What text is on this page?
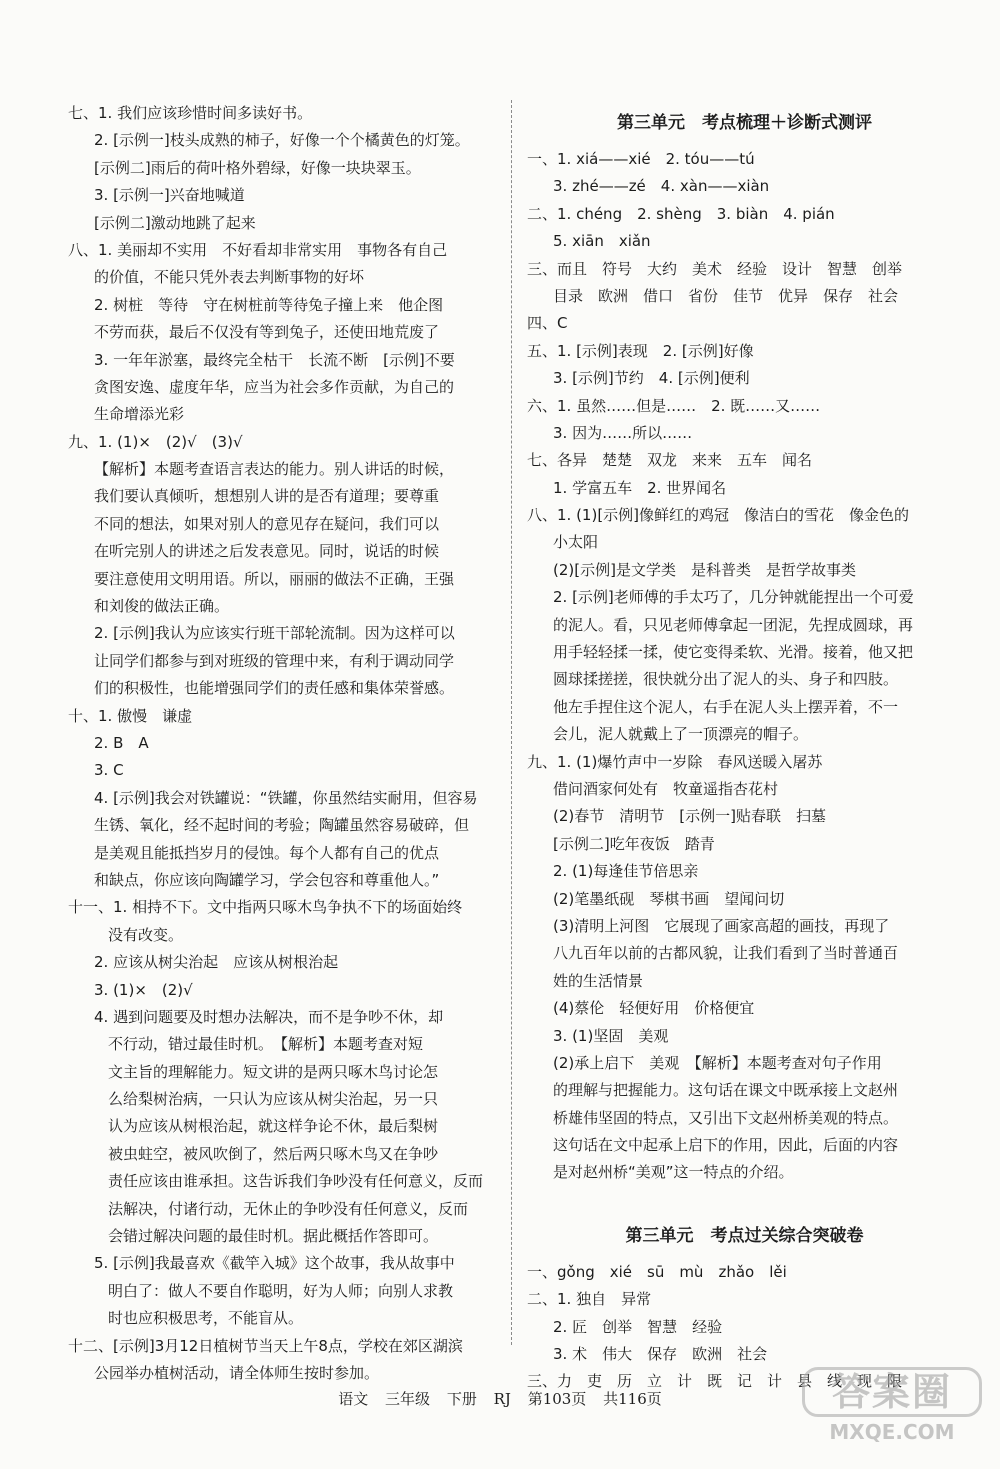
七、1. 我们应该珍惜时间多读好书。
2. [示例一]枝头成熟的柿子，好像一个个橘黄色的灯笼。
[示例二]雨后的荷叶格外碧绿，好像一块块翠玉。
3. [示例一]兴奋地喊道
[示例二]激动地跳了起来
八、1. 美丽却不实用　不好看却非常实用　事物各有自己
的价值，不能只凭外表去判断事物的好坏
2. 树桩　等待　守在树桩前等待兔子撞上来　他企图
不劳而获，最后不仅没有等到兔子，还使田地荒废了
3. 一年年淤塞，最终完全枯干　长流不断　[示例]不要
贪图安逸、虚度年华，应当为社会多作贡献，为自己的
生命增添光彩
九、1. (1)×　(2)√　(3)√
【解析】本题考查语言表达的能力。别人讲话的时候，
我们要认真倾听，想想别人讲的是否有道理；要尊重
不同的想法，如果对别人的意见存在疑问，我们可以
在听完别人的讲述之后发表意见。同时，说话的时候
要注意使用文明用语。所以，丽丽的做法不正确，王强
和刘俊的做法正确。
2. [示例]我认为应该实行班干部轮流制。因为这样可以
让同学们都参与到对班级的管理中来，有利于调动同学
们的积极性，也能增强同学们的责任感和集体荣誉感。
十、1. 傲慢　谦虚
2. B　A
3. C
4. [示例]我会对铁罐说：“铁罐，你虽然结实耐用，但容易
生锈、氧化，经不起时间的考验；陶罐虽然容易破碎，但
是美观且能抵挡岁月的侵蚀。每个人都有自己的优点
和缺点，你应该向陶罐学习，学会包容和尊重他人。”
十一、1. 相持不下。文中指两只啄木鸟争执不下的场面始终
没有改变。
2. 应该从树尖治起　应该从树根治起
3. (1)×　(2)√
4. 遇到问题要及时想办法解决，而不是争吵不休，却
不行动，错过最佳时机。　【解析】本题考查对短
文主旨的理解能力。短文讲的是两只啄木鸟讨论怎
么给梨树治病，一只认为应该从树尖治起，另一只
认为应该从树根治起，就这样争论不休，最后梨树
被虫蛀空，被风吹倒了，然后两只啄木鸟又在争吵
责任应该由谁承担。这告诉我们争吵没有任何意义，反而
法解决，付诸行动，无休止的争吵没有任何意义，反而
会错过解决问题的最佳时机。据此概括作答即可。
5. [示例]我最喜欢《截竿入城》这个故事，我从故事中
明白了：做人不要自作聪明，好为人师；向别人求教
时也应积极思考，不能盲从。
十二、[示例]3月12日植树节当天上午8点，学校在郊区湖滨
公园举办植树活动，请全体师生按时参加。
第三单元　考点梳理＋诊断式测评
一、1. xiá——xié　2. tóu——tú
3. zhé——zé　4. xàn——xiàn
二、1. chéng　2. shèng　3. biàn　4. pián
5. xiān　xiǎn
三、而且　符号　大约　美术　经验　设计　智慧　创举
目录　欧洲　借口　省份　佳节　优异　保存　社会
四、C
五、1. [示例]表现　2. [示例]好像
3. [示例]节约　4. [示例]便利
六、1. 虽然……但是……　2. 既……又……
3. 因为……所以……
七、各异　楚楚　双龙　来来　五车　闻名
1. 学富五车　2. 世界闻名
八、1. (1)[示例]像鲜红的鸡冠　像洁白的雪花　像金色的
小太阳
(2)[示例]是文学类　是科普类　是哲学故事类
2. [示例]老师傅的手太巧了，几分钟就能捏出一个可爱
的泥人。看，只见老师傅拿起一团泥，先捏成圆球，再
用手轻轻揉一揉，使它变得柔软、光滑。接着，他又把
圆球揉搓搓，很快就分出了泥人的头、身子和四肢。
他左手捏住这个泥人，右手在泥人头上摆弄着，不一
会儿，泥人就戴上了一顶漂亮的帽子。
九、1. (1)爆竹声中一岁除　春风送暖入屠苏
借问酒家何处有　牧童遥指杏花村
(2)春节　清明节　[示例一]贴春联　扫墓
[示例二]吃年夜饭　踏青
2. (1)每逢佳节倍思亲
(2)笔墨纸砚　琴棋书画　望闻问切
(3)清明上河图　它展现了画家高超的画技，再现了
八九百年以前的古都风貌，让我们看到了当时普通百
姓的生活情景
(4)蔡伦　轻便好用　价格便宜
3. (1)坚固　美观
(2)承上启下　美观　【解析】本题考查对句子作用
的理解与把握能力。这句话在课文中既承接上文赵州
桥雄伟坚固的特点，又引出下文赵州桥美观的特点。
这句话在文中起承上启下的作用，因此，后面的内容
是对赵州桥“美观”这一特点的介绍。
第三单元　考点过关综合突破卷
一、gǒng　xié　sū　mù　zhǎo　lěi
二、1. 独自　异常
2. 匠　创举　智慧　经验
3. 术　伟大　保存　欧洲　社会
三、力　吏　历　立　计　既　记　计　县　线　现　限
语文 三年级 下册 RJ 第103页 共116页	答案圈
MXQE.COM
